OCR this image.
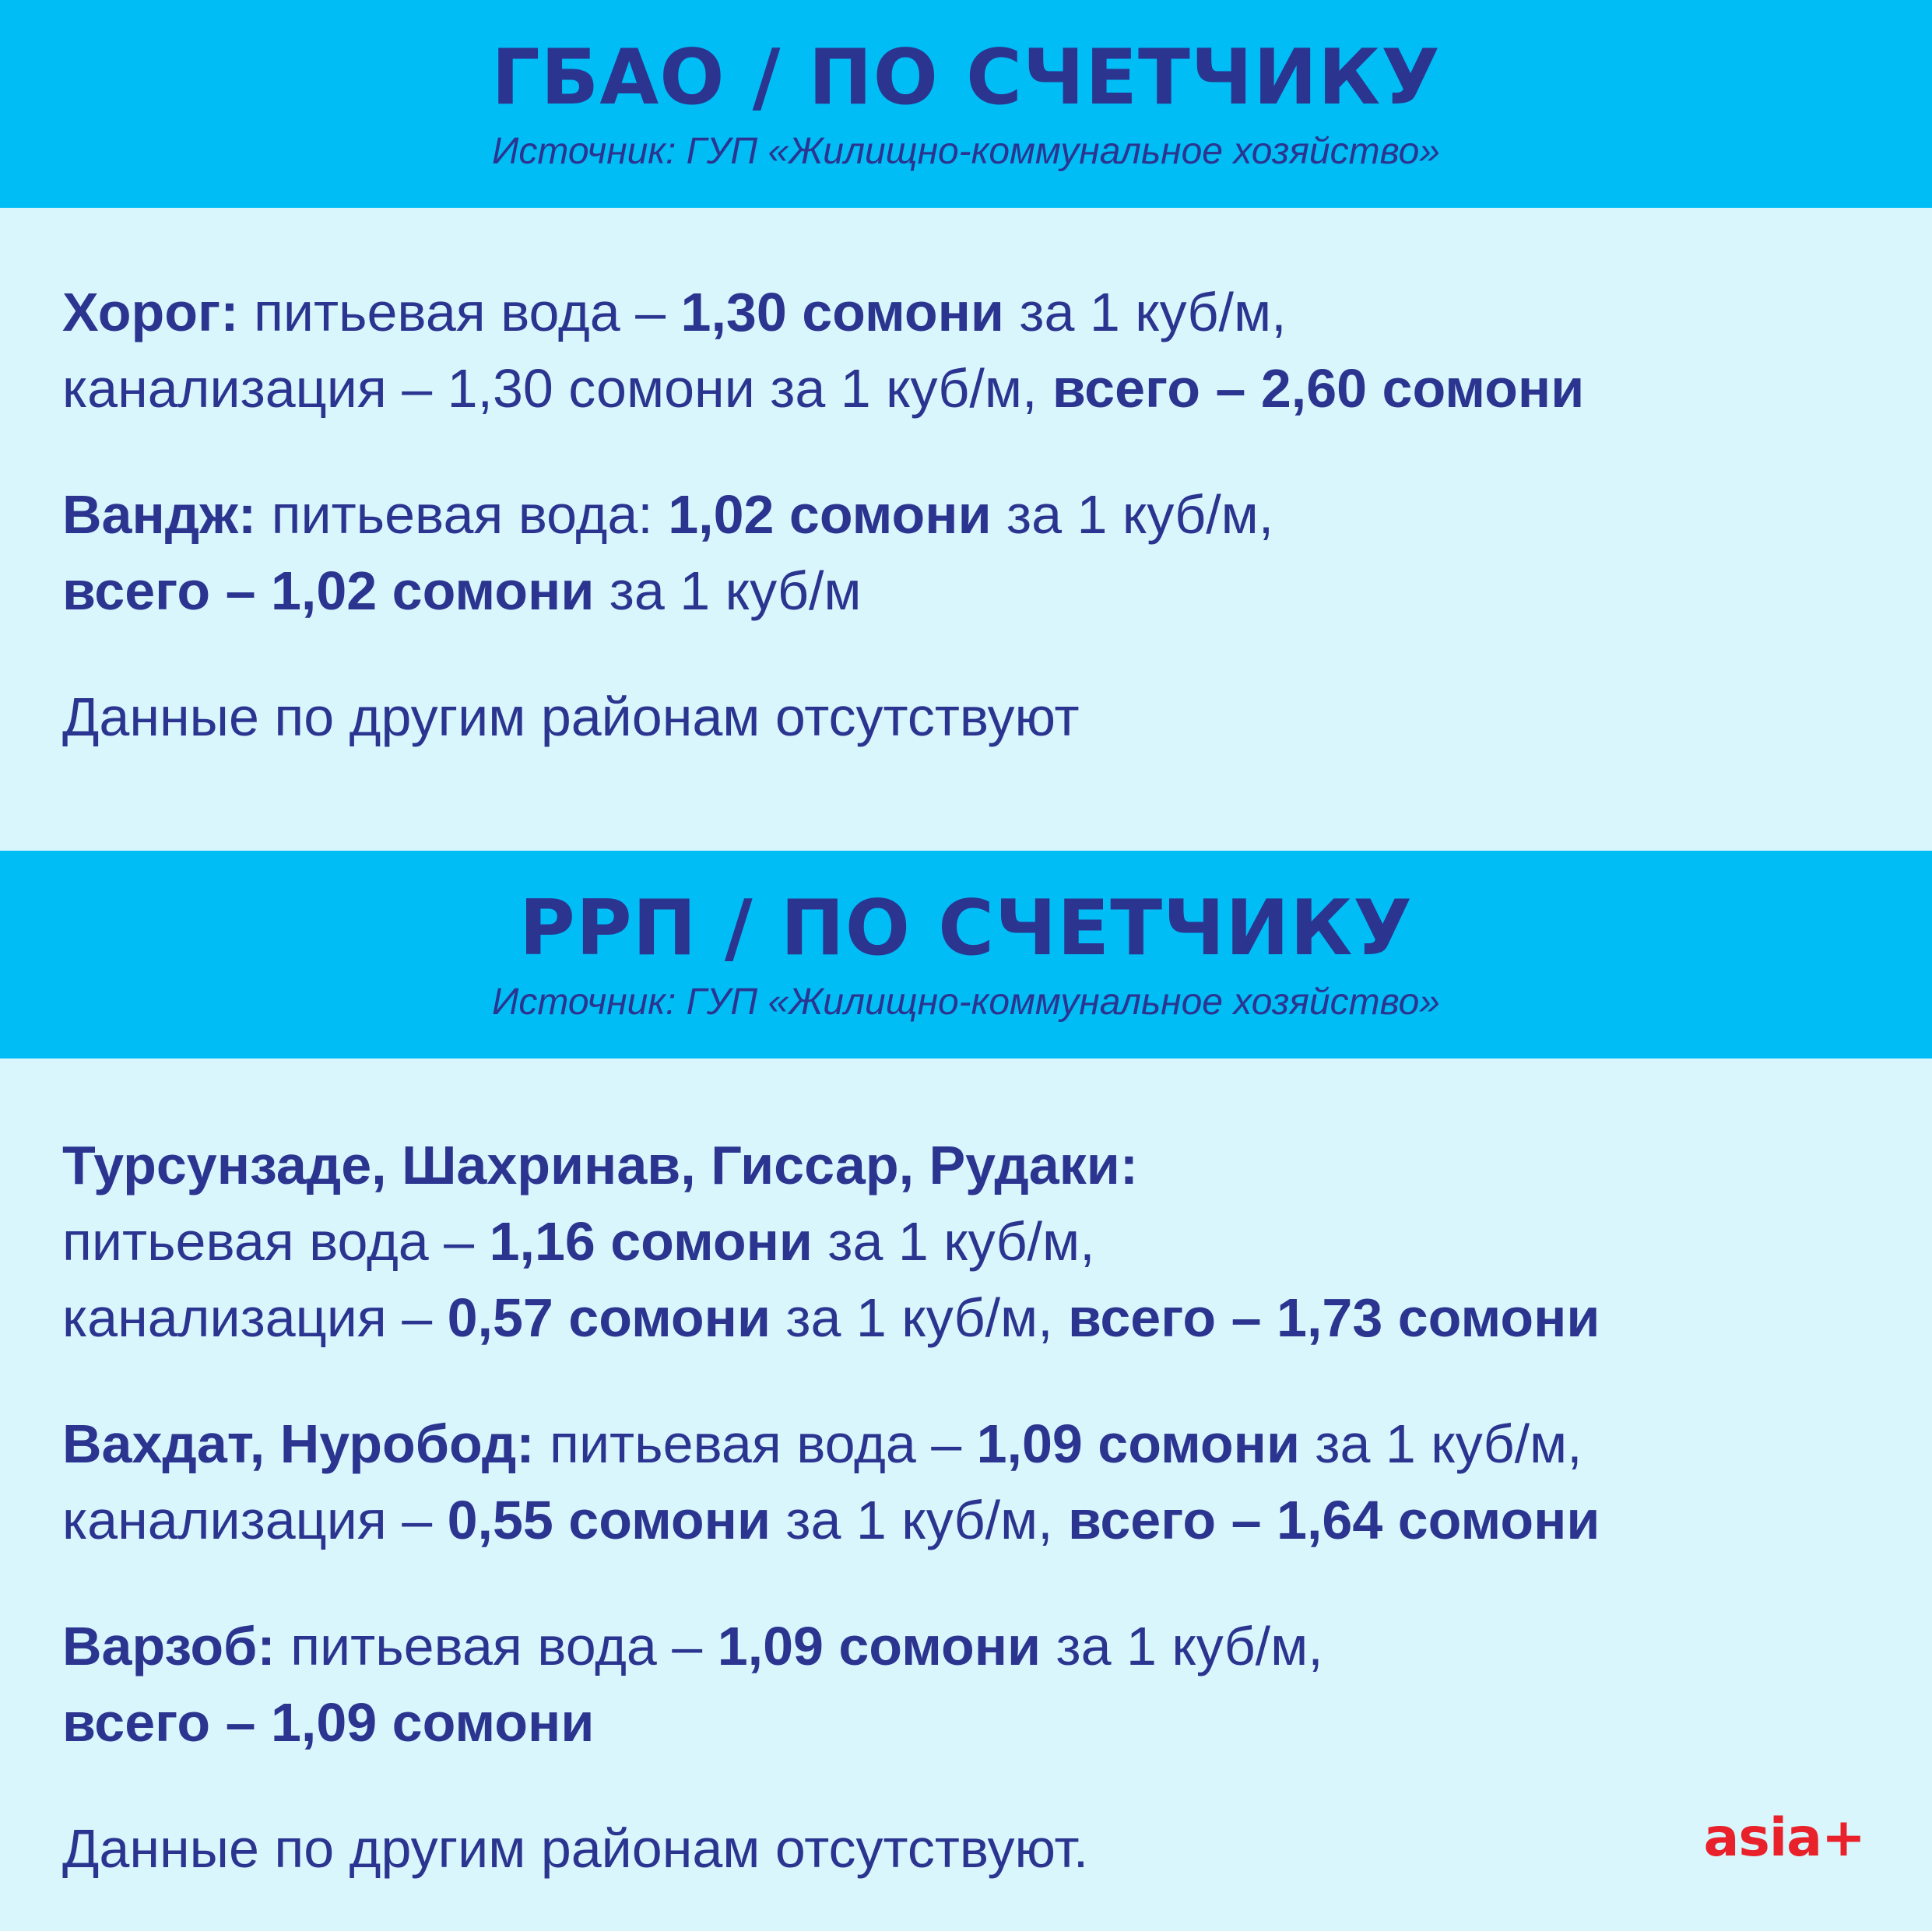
ГБАО / ПО СЧЕТЧИКУ
Источник: ГУП «Жилищно-коммунальное хозяйство»

Хорог: питьевая вода – 1,30 сомони за 1 куб/м,

канализация – 1,30 сомони за 1 куб/м, всего – 2,60 сомони

Вандж: питьевая вода: 1,02 сомони за 1 куб/м,

всего – 1,02 сомони за 1 куб/м

Данные по другим районам отсутствуют

РРП / ПО СЧЕТЧИКУ
Источник: ГУП «Жилищно-коммунальное хозяйство»

Турсунзаде, Шахринав, Гиссар, Рудаки:

питьевая вода – 1,16 сомони за 1 куб/м,

канализация – 0,57 сомони за 1 куб/м, всего – 1,73 сомони

Вахдат, Нуробод: питьевая вода – 1,09 сомони за 1 куб/м,

канализация – 0,55 сомони за 1 куб/м, всего – 1,64 сомони

Варзоб: питьевая вода – 1,09 сомони за 1 куб/м,

всего – 1,09 сомони

Данные по другим районам отсутствуют.	asia+
